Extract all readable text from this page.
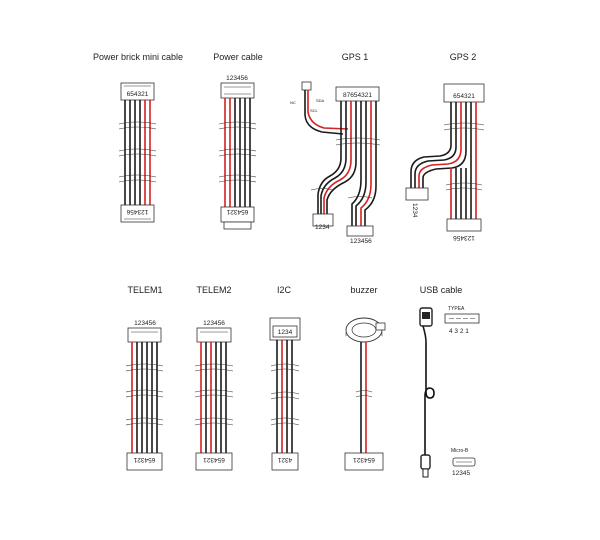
Power brick mini cable
654321
123456
Power cable
123456
654321
GPS 1
87654321
NC	SDA
SCL
1234
123456
GPS 2
654321
1234
123456
TELEM1
123456
654321
TELEM2
123456
654321
I2C
1234
4321
buzzer
654321
USB cable
TYPEA
4 3 2 1
Micro-B
12345
